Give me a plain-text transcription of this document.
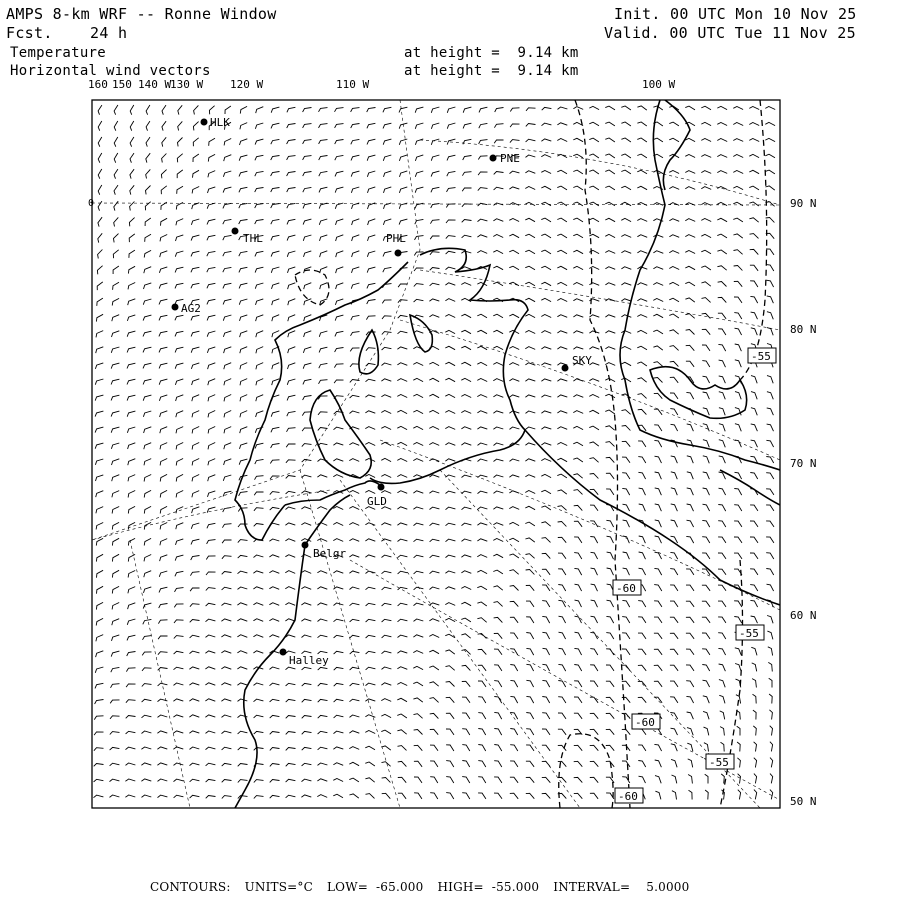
AMPS 8-km WRF -- Ronne Window
Fcst. 24 h
Init. 00 UTC Mon 10 Nov 25
Valid. 00 UTC Tue 11 Nov 25
Temperature
Horizontal wind vectors
at height = 9.14 km
at height = 9.14 km
160 150 140 W
130 W 120 W	110 W	100 W
HLK
PNE
THL	PHL
AG2
SKY
GLD
Belgr
Halley
-55
-60
-55
-60
-55
-60
0	90 N
80 N
70 N
60 N
50 N
CONTOURS: UNITS=°C LOW=  -65.000 HIGH=  -55.000 INTERVAL=    5.0000
